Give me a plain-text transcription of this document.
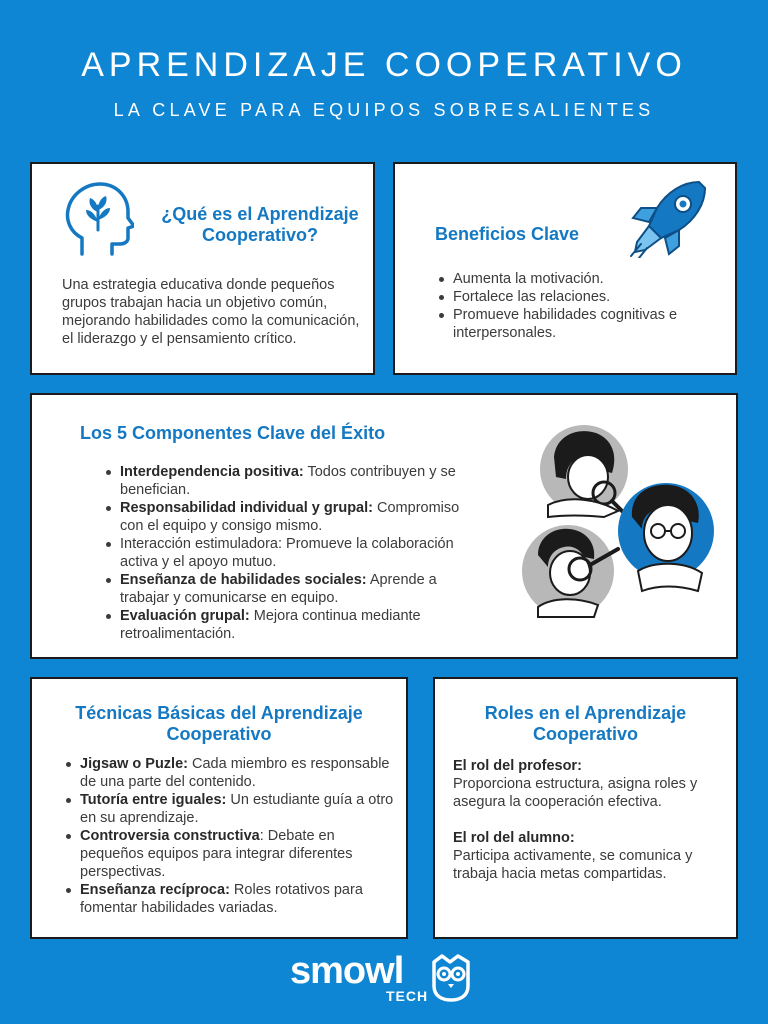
APRENDIZAJE COOPERATIVO
LA CLAVE PARA EQUIPOS SOBRESALIENTES
¿Qué es el Aprendizaje Cooperativo?

Una estrategia educativa donde pequeños grupos trabajan hacia un objetivo común, mejorando habilidades como la comunicación, el liderazgo y el pensamiento crítico.

Beneficios Clave
Aumenta la motivación.
Fortalece las relaciones.
Promueve habilidades cognitivas e interpersonales.
Los 5 Componentes Clave del Éxito
Interdependencia positiva: Todos contribuyen y se benefician.
Responsabilidad individual y grupal: Compromiso con el equipo y consigo mismo.
Interacción estimuladora: Promueve la colaboración activa y el apoyo mutuo.
Enseñanza de habilidades sociales: Aprende a trabajar y comunicarse en equipo.
Evaluación grupal: Mejora continua mediante retroalimentación.
Técnicas Básicas del Aprendizaje Cooperativo
Jigsaw o Puzle: Cada miembro es responsable de una parte del contenido.
Tutoría entre iguales: Un estudiante guía a otro en su aprendizaje.
Controversia constructiva: Debate en pequeños equipos para integrar diferentes perspectivas.
Enseñanza recíproca: Roles rotativos para fomentar habilidades variadas.
Roles en el Aprendizaje Cooperativo
El rol del profesor:
Proporciona estructura, asigna roles y asegura la cooperación efectiva.
El rol del alumno:
Participa activamente, se comunica y trabaja hacia metas compartidas.
smowl
TECH
